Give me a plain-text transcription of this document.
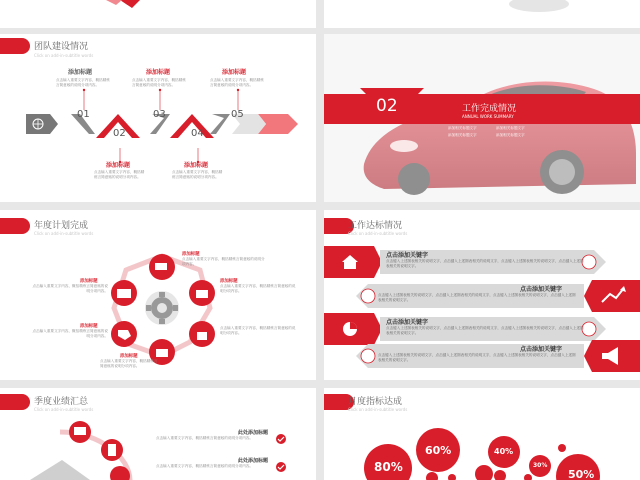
团队建设情况
Click on add-in-subtitle words
添加标题
点击输入重要文字内容，概括精炼
言简意赅的说明分项内容。
添加标题
点击输入重要文字内容，概括精炼
言简意赅的说明分项内容。
添加标题
点击输入重要文字内容，概括精炼
言简意赅的说明分项内容。
01
02
03
04
05
添加标题
点击输入重要文字内容，概括精
练言简意赅的说明分项内容。
添加标题
点击输入重要文字内容，概括精
练言简意赅的说明分项内容。
02	工作完成情况
ANNUAL WORK SUMMARY
添加相关标题文字	添加相关标题文字
添加相关标题文字	添加相关标题文字
年度计划完成
Click on add-in-subtitle words
添加标题
点击输入重要文字内容，概括精炼言简意赅的说明分项内容。
添加标题
点击输入重要文字内容，概括精炼言简意赅的说明分项内容。
添加标题
点击输入重要文字内容，概括精炼言简意赅的说明分项内容。
添加标题
点击输入重要文字内容，概括精炼言简意赅的说明分项内容。
添加标题
点击输入重要文字内容，概括精炼言简意赅的说明分项内容。
点击输入重要文字内容，概括精炼言简意赅的说明分项内容。
工作达标情况
Click on add-in-subtitle words
点击添加关键字
点击键入上述图表相关的说明文字，点击键入上述图表相关的说明文字，点击键入上述图表相关的说明文字，点击键入上述图表相关的说明文字。
点击添加关键字
点击键入上述图表相关的说明文字，点击键入上述图表相关的说明文字，点击键入上述图表相关的说明文字，点击键入上述图表相关的说明文字。
点击添加关键字
点击键入上述图表相关的说明文字，点击键入上述图表相关的说明文字，点击键入上述图表相关的说明文字，点击键入上述图表相关的说明文字。
点击添加关键字
点击键入上述图表相关的说明文字，点击键入上述图表相关的说明文字，点击键入上述图表相关的说明文字，点击键入上述图表相关的说明文字。
季度业绩汇总
Click on add-in-subtitle words
此处添加标题
点击输入重要文字内容，概括精炼言简意赅的说明分项内容。
此处添加标题
点击输入重要文字内容，概括精炼言简意赅的说明分项内容。
月度指标达成
Click on add-in-subtitle words
80%
60%	40%
30%
50%
